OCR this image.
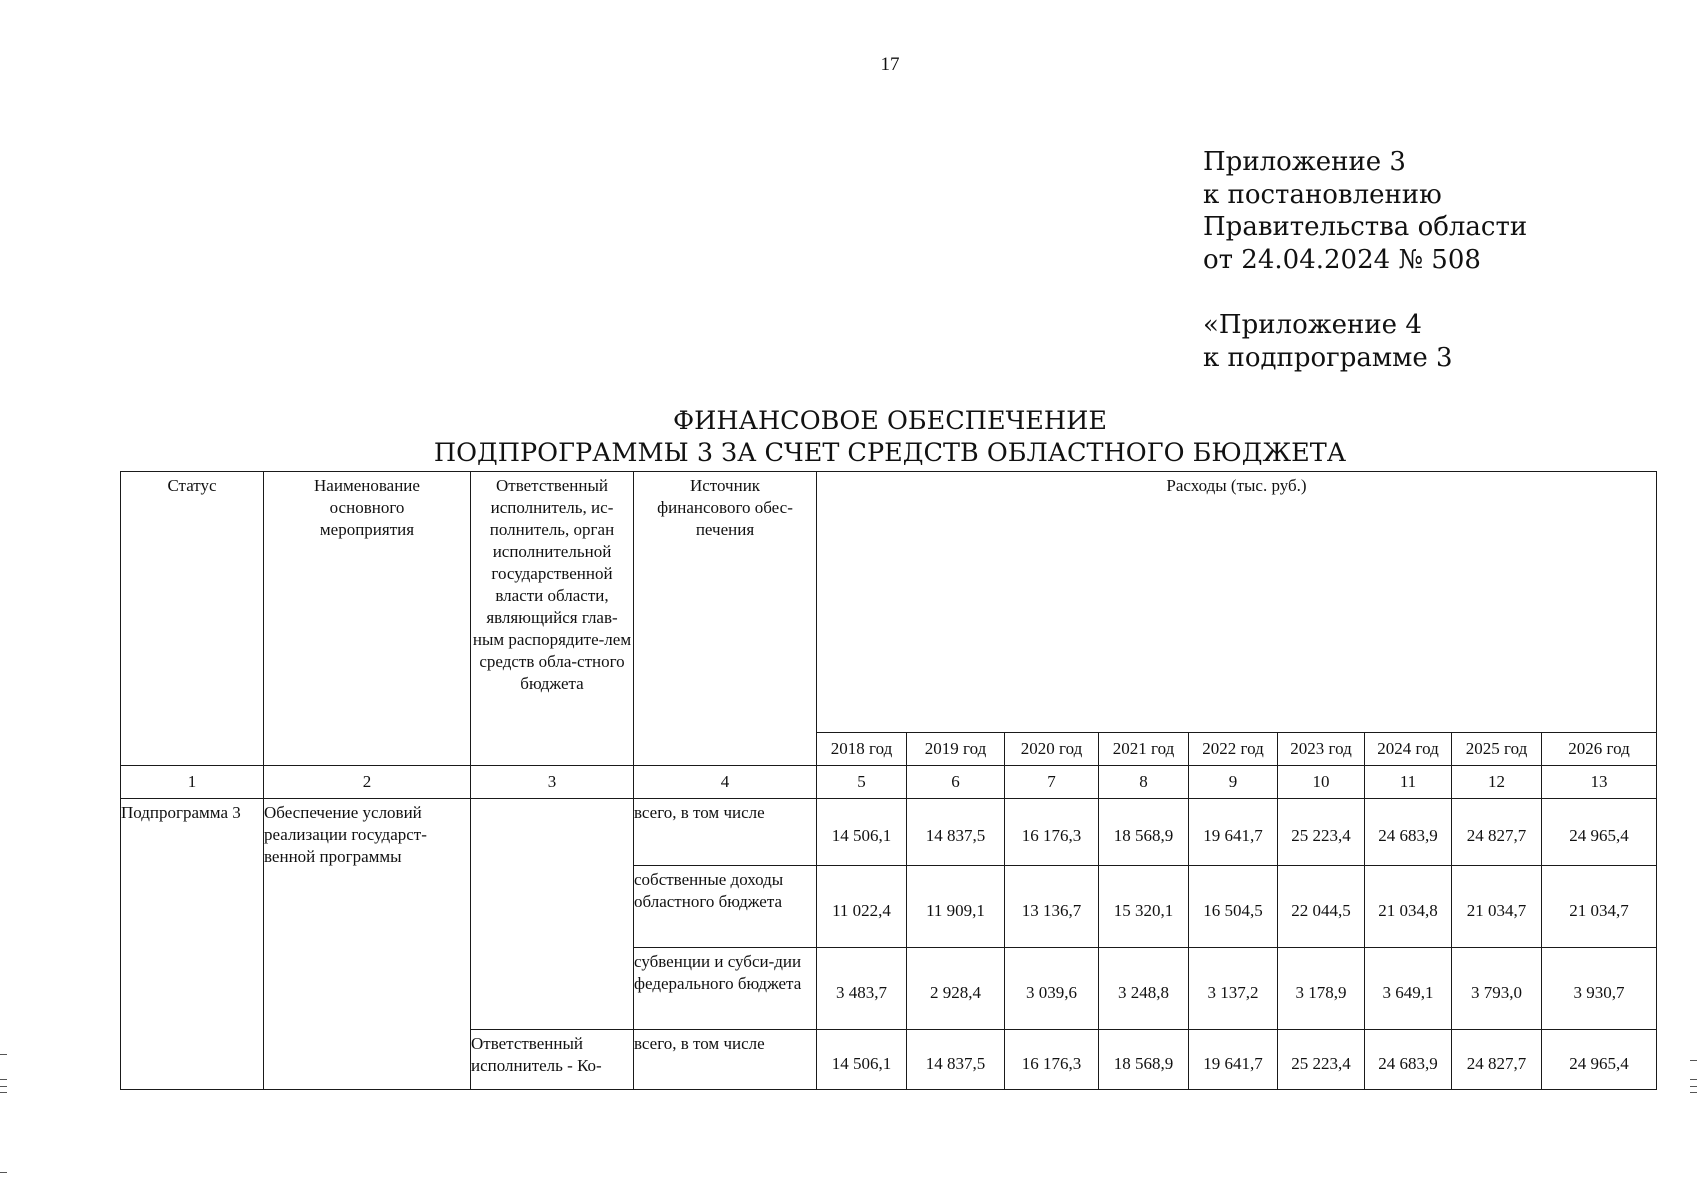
17
Приложение 3
к постановлению
Правительства области
от 24.04.2024 № 508
«Приложение 4
к подпрограмме 3
ФИНАНСОВОЕ ОБЕСПЕЧЕНИЕ
ПОДПРОГРАММЫ 3 ЗА СЧЕТ СРЕДСТВ ОБЛАСТНОГО БЮДЖЕТА
Статус	Наименование основного мероприятия	Ответственный исполнитель, ис-полнитель, орган исполнительной государственной власти области, являющийся глав-ным распорядите-лем средств обла-стного бюджета	Источник финансового обес-печения	Расходы (тыс. руб.)								
				2018 год	2019 год	2020 год	2021 год	2022 год	2023 год	2024 год	2025 год	2026 год
1	2	3	4	5	6	7	8	9	10	11	12	13
Подпрограмма 3	Обеспечение условий реализации государст-венной программы		всего, в том числе	14 506,1	14 837,5	16 176,3	18 568,9	19 641,7	25 223,4	24 683,9	24 827,7	24 965,4
			собственные доходы областного бюджета	11 022,4	11 909,1	13 136,7	15 320,1	16 504,5	22 044,5	21 034,8	21 034,7	21 034,7
			субвенции и субси-дии федерального бюджета	3 483,7	2 928,4	3 039,6	3 248,8	3 137,2	3 178,9	3 649,1	3 793,0	3 930,7
		Ответственный исполнитель - Ко-	всего, в том числе	14 506,1	14 837,5	16 176,3	18 568,9	19 641,7	25 223,4	24 683,9	24 827,7	24 965,4
